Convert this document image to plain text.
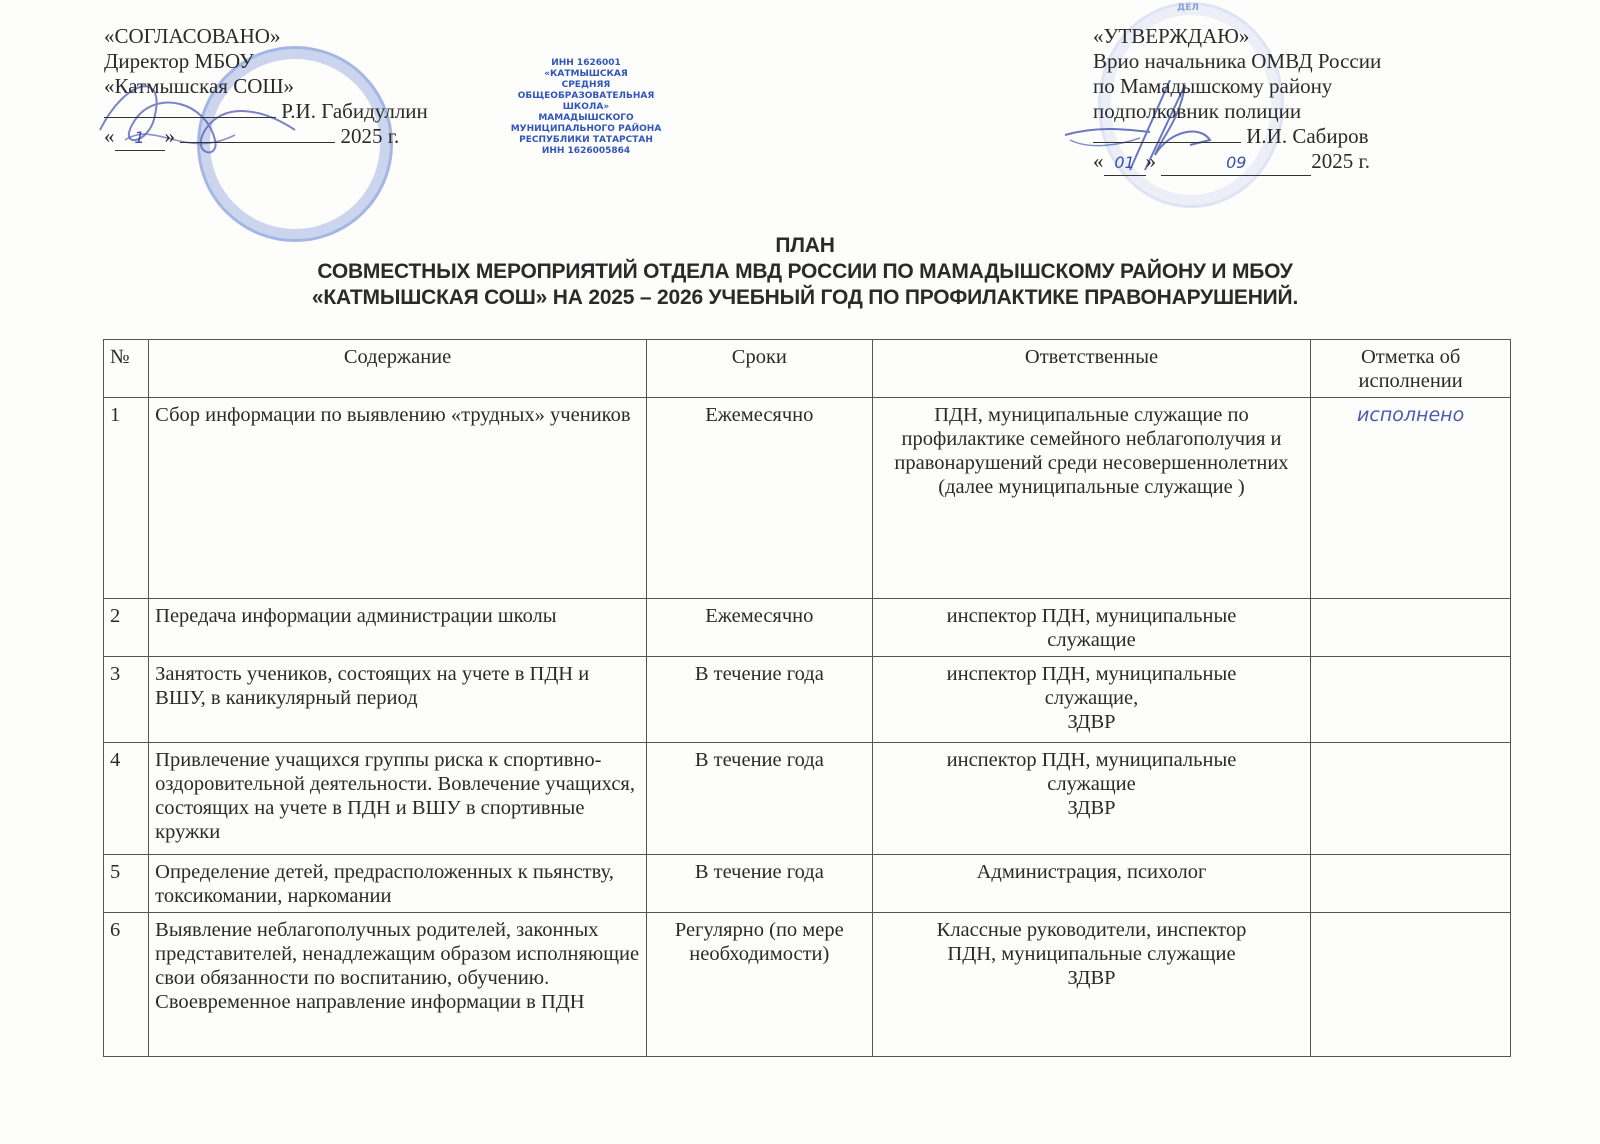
«СОГЛАСОВАНО»
Директор МБОУ
«Катмышская СОШ»
Р.И. Габидуллин
« 1 »	2025 г.
ИНН 1626001
«КАТМЫШСКАЯ
СРЕДНЯЯ
ОБЩЕОБРАЗОВАТЕЛЬНАЯ
ШКОЛА»
МАМАДЫШСКОГО
МУНИЦИПАЛЬНОГО РАЙОНА
РЕСПУБЛИКИ ТАТАРСТАН
ИНН 1626005864
ДЕЛ
«УТВЕРЖДАЮ»
Врио начальника ОМВД России
по Мамадышскому району
подполковник полиции
И.И. Сабиров
« 01 »	09	2025 г.
ПЛАН
СОВМЕСТНЫХ МЕРОПРИЯТИЙ ОТДЕЛА МВД РОССИИ ПО МАМАДЫШСКОМУ РАЙОНУ И МБОУ
«КАТМЫШСКАЯ СОШ» НА 2025 – 2026 УЧЕБНЫЙ ГОД ПО ПРОФИЛАКТИКЕ ПРАВОНАРУШЕНИЙ.
№	Содержание	Сроки	Ответственные	Отметка об исполнении
1	Сбор информации по выявлению «трудных» учеников	Ежемесячно	ПДН, муниципальные служащие по профилактике семейного неблагополучия и правонарушений среди несовершеннолетних (далее муниципальные служащие )	исполнено
2	Передача информации администрации школы	Ежемесячно	инспектор ПДН, муниципальные
служащие	
3	Занятость учеников, состоящих на учете в ПДН и ВШУ, в каникулярный период	В течение года	инспектор ПДН, муниципальные
служащие,
ЗДВР	
4	Привлечение учащихся группы риска к спортивно-оздоровительной деятельности. Вовлечение учащихся, состоящих на учете в ПДН и ВШУ в спортивные кружки	В течение года	инспектор ПДН, муниципальные
служащие
ЗДВР	
5	Определение детей, предрасположенных к пьянству, токсикомании, наркомании	В течение года	Администрация, психолог	
6	Выявление неблагополучных родителей, законных представителей, ненадлежащим образом исполняющие свои обязанности по воспитанию, обучению. Своевременное направление информации в ПДН	Регулярно (по мере необходимости)	Классные руководители, инспектор
ПДН, муниципальные служащие
ЗДВР	
